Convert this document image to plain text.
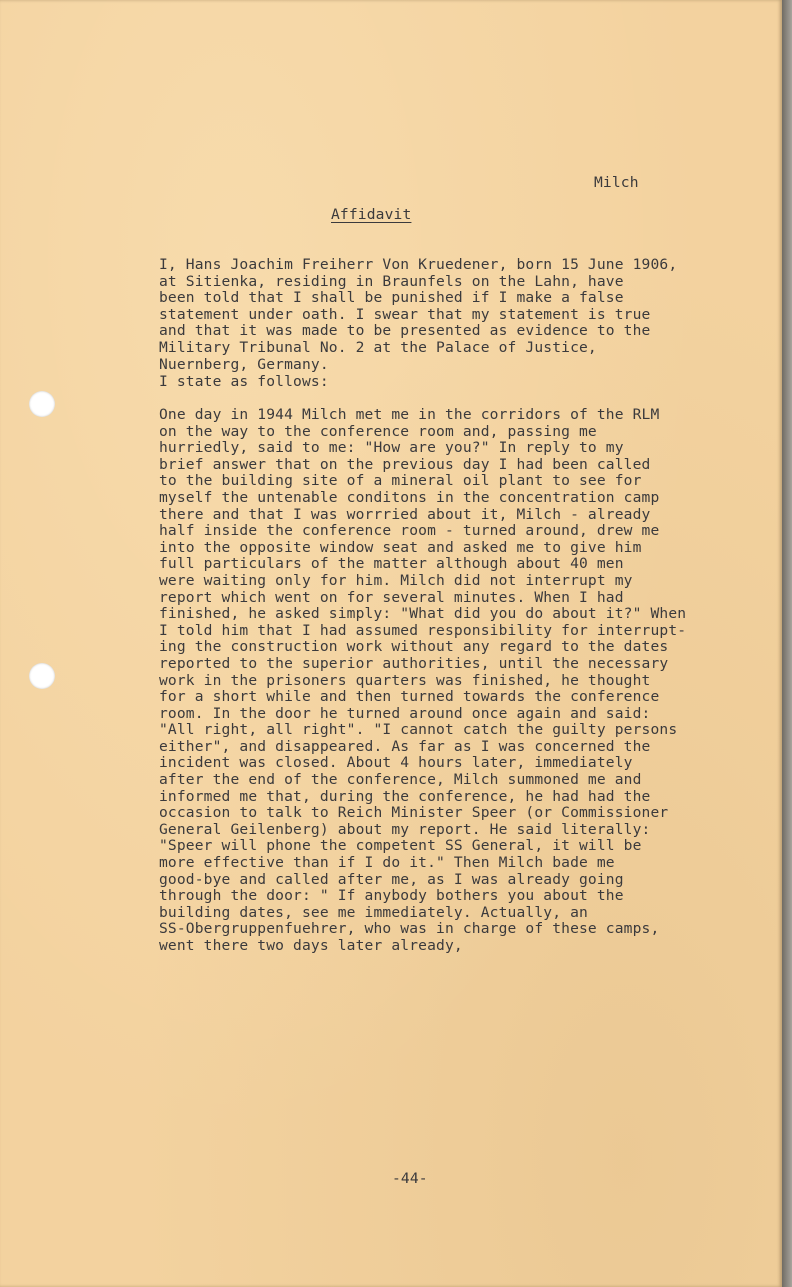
Milch
Affidavit
I, Hans Joachim Freiherr Von Kruedener, born 15 June 1906,
at Sitienka, residing in Braunfels on the Lahn, have
been told that I shall be punished if I make a false
statement under oath. I swear that my statement is true
and that it was made to be presented as evidence to the
Military Tribunal No. 2 at the Palace of Justice,
Nuernberg, Germany.
I state as follows:
One day in 1944 Milch met me in the corridors of the RLM
on the way to the conference room and, passing me
hurriedly, said to me: "How are you?" In reply to my
brief answer that on the previous day I had been called
to the building site of a mineral oil plant to see for
myself the untenable conditons in the concentration camp
there and that I was worrried about it, Milch - already
half inside the conference room - turned around, drew me
into the opposite window seat and asked me to give him
full particulars of the matter although about 40 men
were waiting only for him. Milch did not interrupt my
report which went on for several minutes. When I had
finished, he asked simply: "What did you do about it?" When
I told him that I had assumed responsibility for interrupt-
ing the construction work without any regard to the dates
reported to the superior authorities, until the necessary
work in the prisoners quarters was finished, he thought
for a short while and then turned towards the conference
room. In the door he turned around once again and said:
"All right, all right". "I cannot catch the guilty persons
either", and disappeared. As far as I was concerned the
incident was closed. About 4 hours later, immediately
after the end of the conference, Milch summoned me and
informed me that, during the conference, he had had the
occasion to talk to Reich Minister Speer (or Commissioner
General Geilenberg) about my report. He said literally:
"Speer will phone the competent SS General, it will be
more effective than if I do it." Then Milch bade me
good-bye and called after me, as I was already going
through the door: " If anybody bothers you about the
building dates, see me immediately. Actually, an
SS-Obergruppenfuehrer, who was in charge of these camps,
went there two days later already,
-44-
